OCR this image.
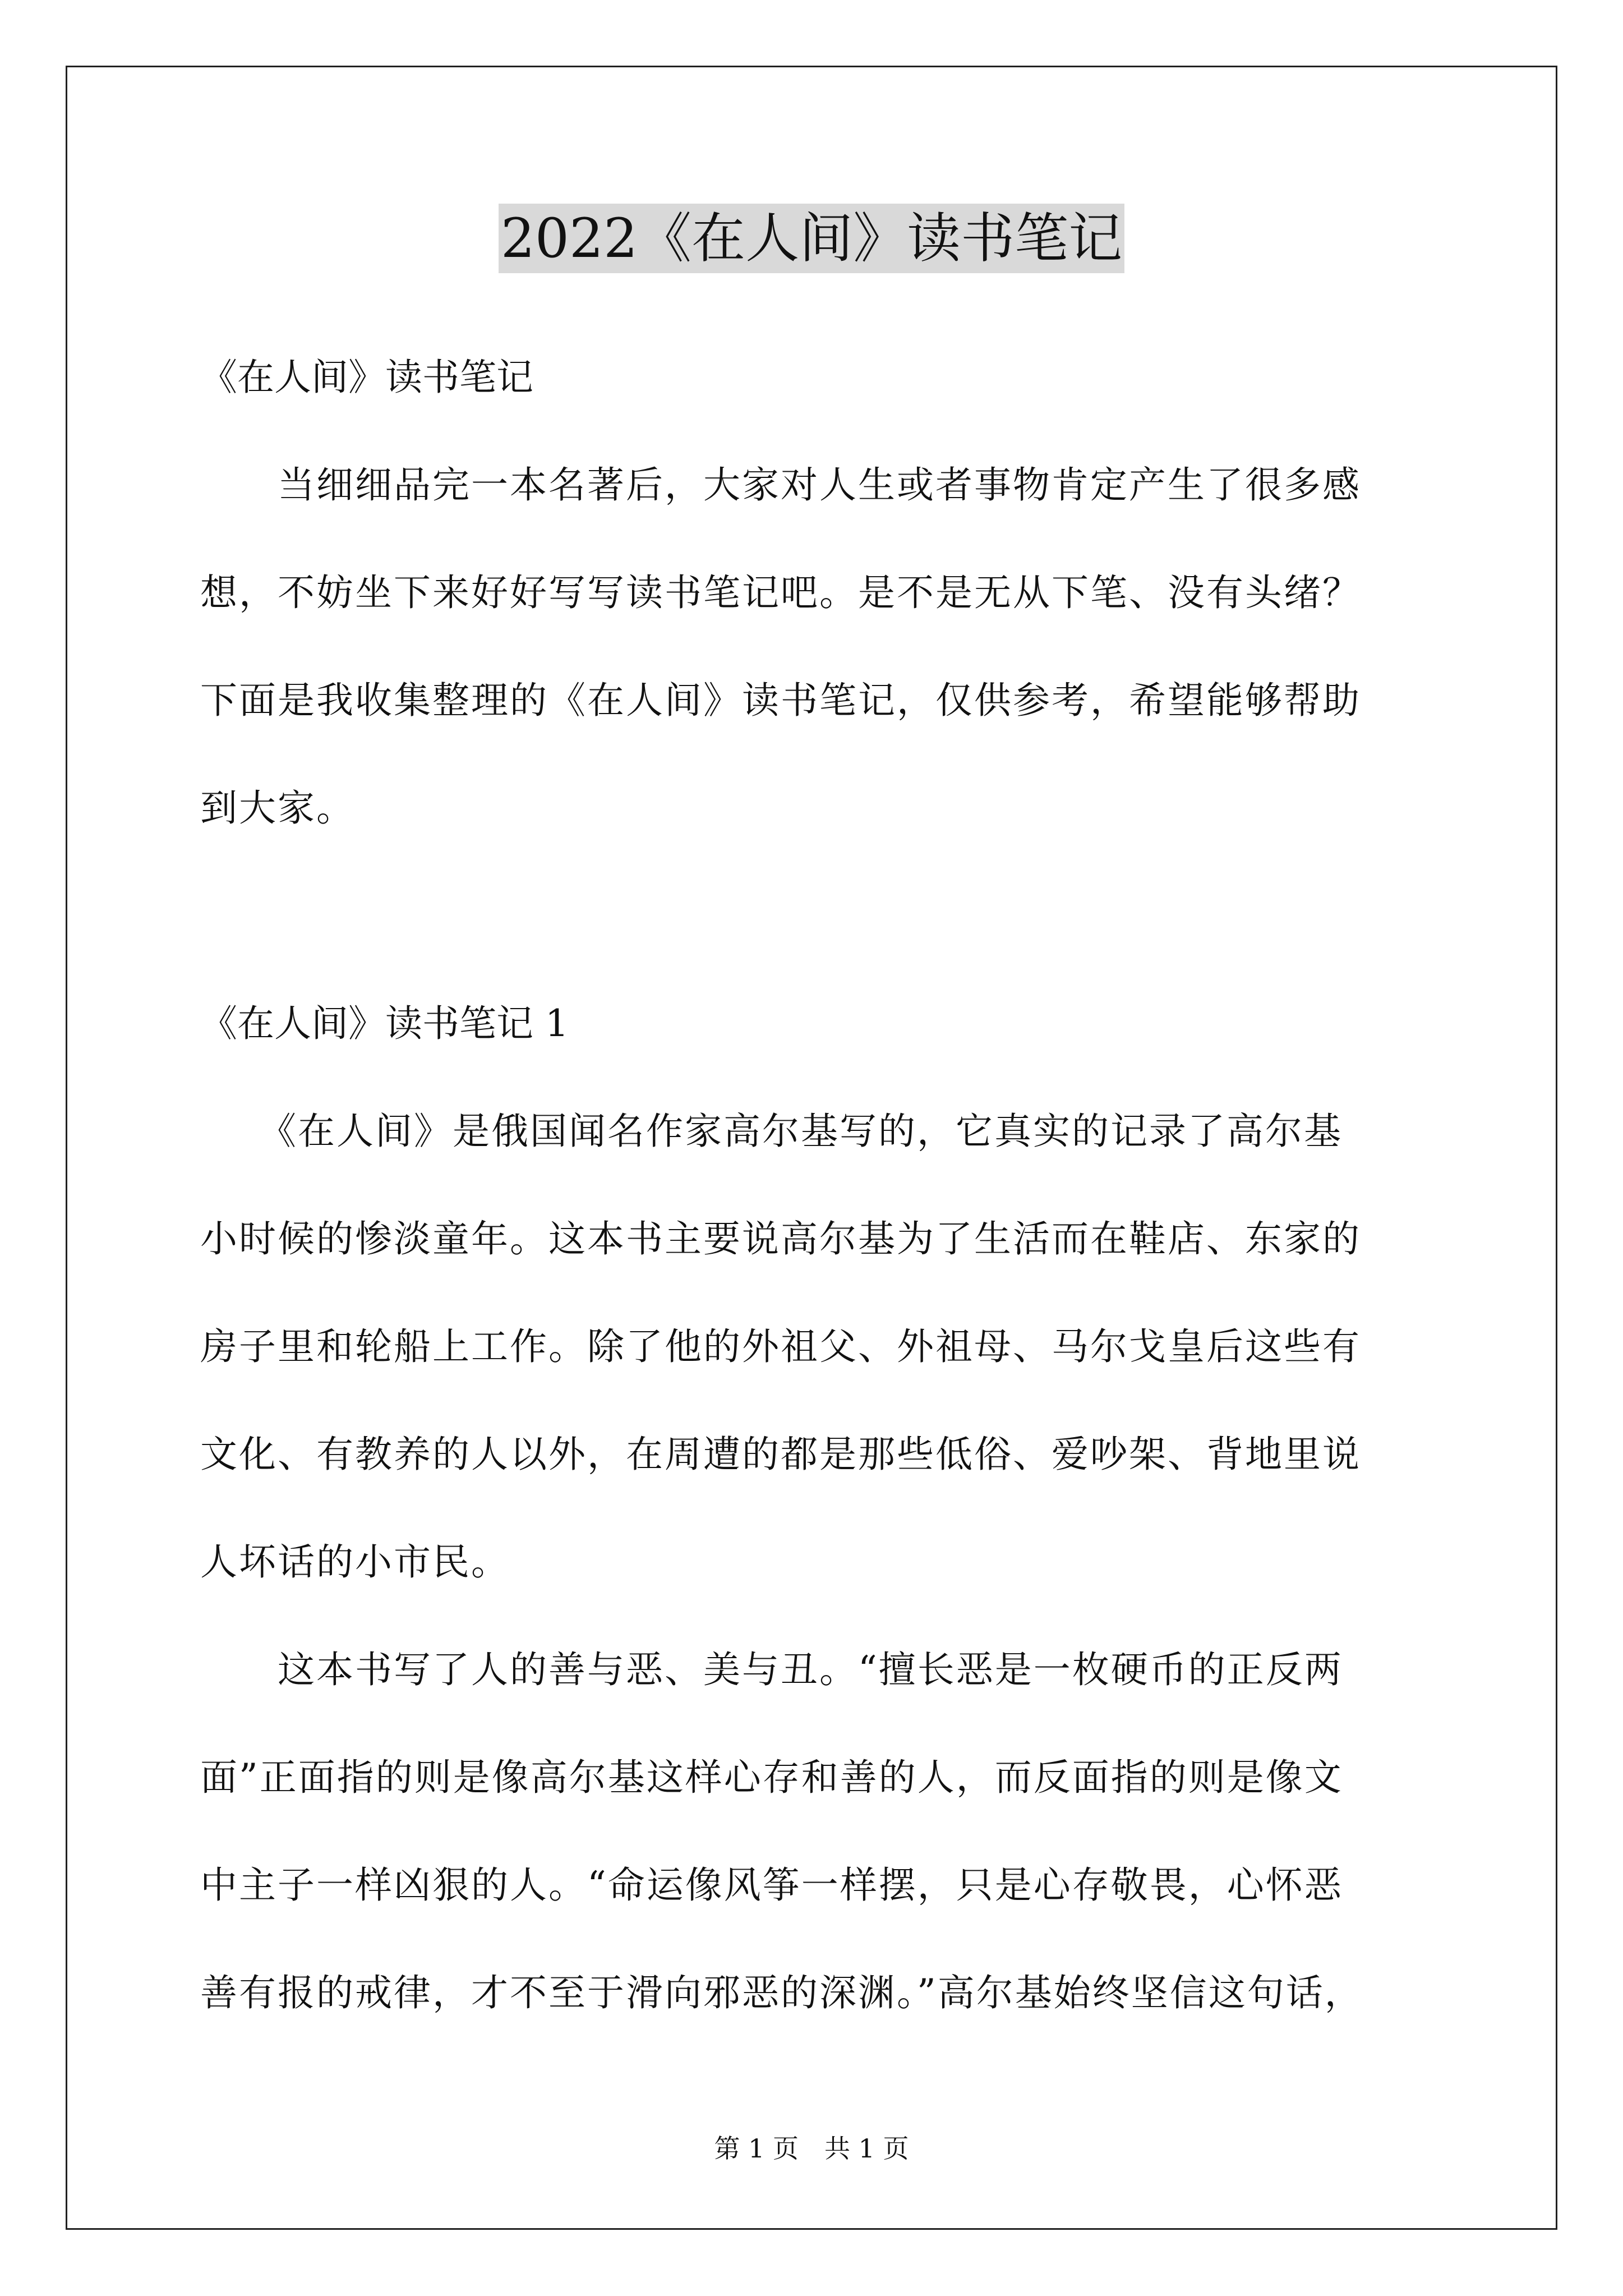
2022《在人间》读书笔记
《在人间》读书笔记
　　当细细品完一本名著后，大家对人生或者事物肯定产生了很多感
想，不妨坐下来好好写写读书笔记吧。是不是无从下笔、没有头绪？
下面是我收集整理的《在人间》读书笔记，仅供参考，希望能够帮助
到大家。
《在人间》读书笔记 1
　　《在人间》是俄国闻名作家高尔基写的，它真实的记录了高尔基
小时候的惨淡童年。这本书主要说高尔基为了生活而在鞋店、东家的
房子里和轮船上工作。除了他的外祖父、外祖母、马尔戈皇后这些有
文化、有教养的人以外，在周遭的都是那些低俗、爱吵架、背地里说
人坏话的小市民。
　　这本书写了人的善与恶、美与丑。“擅长恶是一枚硬币的正反两
面”正面指的则是像高尔基这样心存和善的人，而反面指的则是像文
中主子一样凶狠的人。“命运像风筝一样摆，只是心存敬畏，心怀恶
善有报的戒律，才不至于滑向邪恶的深渊。”高尔基始终坚信这句话，
第 1 页　共 1 页
